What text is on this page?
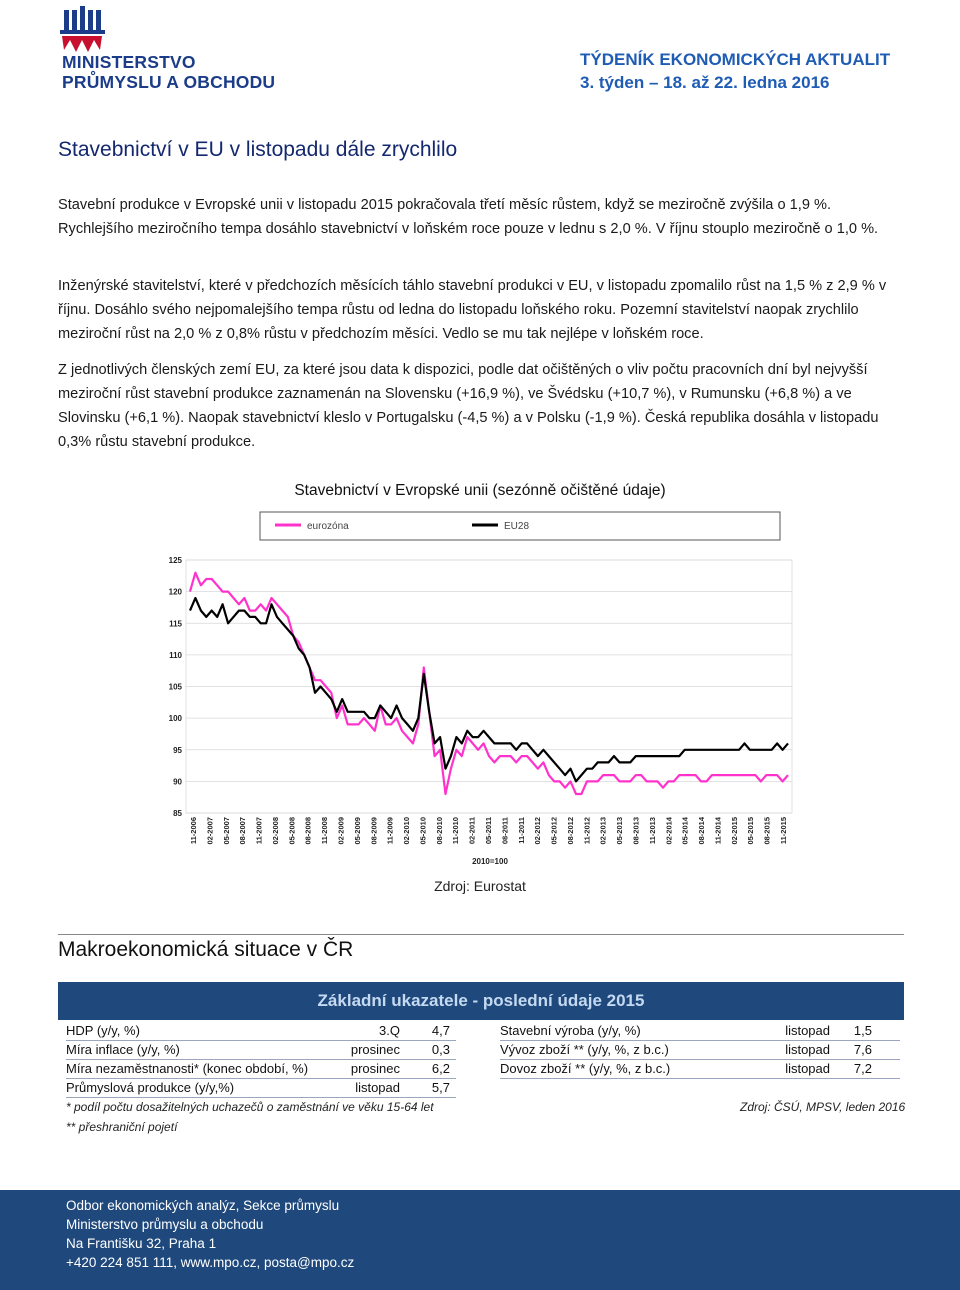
MINISTERSTVO
PRŮMYSLU A OBCHODU
TÝDENÍK EKONOMICKÝCH AKTUALIT
3. týden – 18. až 22. ledna 2016
Stavebnictví v EU v listopadu dále zrychlilo

Stavební produkce v Evropské unii v listopadu 2015 pokračovala třetí měsíc růstem, když se meziročně zvýšila o 1,9 %. Rychlejšího meziročního tempa dosáhlo stavebnictví v loňském roce pouze v lednu s 2,0 %. V říjnu stouplo meziročně o 1,0 %.

Inženýrské stavitelství, které v předchozích měsících táhlo stavební produkci v EU, v listopadu zpomalilo růst na 1,5 % z 2,9 % v říjnu. Dosáhlo svého nejpomalejšího tempa růstu od ledna do listopadu loňského roku. Pozemní stavitelství naopak zrychlilo meziroční růst na 2,0 % z 0,8% růstu v předchozím měsíci. Vedlo se mu tak nejlépe v loňském roce.

Z jednotlivých členských zemí EU, za které jsou data k dispozici, podle dat očištěných o vliv počtu pracovních dní byl nejvyšší meziroční růst stavební produkce zaznamenán na Slovensku (+16,9 %), ve Švédsku (+10,7 %), v Rumunsku (+6,8 %) a ve Slovinsku (+6,1 %). Naopak stavebnictví kleslo v Portugalsku (-4,5 %) a v Polsku (-1,9 %). Česká republika dosáhla v listopadu 0,3% růstu stavební produkce.

Stavebnictví v Evropské unii (sezónně očištěné údaje)
eurozóna	EU28
85
90
95
100
105
110
115
120
125
11-2006 02-2007 05-2007 08-2007 11-2007 02-2008 05-2008 08-2008 11-2008 02-2009 05-2009 08-2009 11-2009 02-2010 05-2010 08-2010 11-2010 02-2011 05-2011 08-2011 11-2011 02-2012 05-2012 08-2012 11-2012 02-2013 05-2013 08-2013 11-2013 02-2014 05-2014 08-2014 11-2014 02-2015 05-2015 08-2015 11-2015
2010=100
Zdroj: Eurostat
Makroekonomická situace v ČR
Základní ukazatele - poslední údaje 2015
HDP (y/y, %)	3.Q 4,7
Míra inflace (y/y, %)	prosinec 0,3
Míra nezaměstnanosti* (konec období, %)	prosinec 6,2
Průmyslová produkce (y/y,%)	listopad 5,7
Stavební výroba (y/y, %)	listopad 1,5
Vývoz zboží ** (y/y, %, z b.c.)	listopad 7,6
Dovoz zboží ** (y/y, %, z b.c.)	listopad 7,2
* podíl počtu dosažitelných uchazečů o zaměstnání ve věku 15-64 let
** přeshraniční pojetí
Zdroj: ČSÚ, MPSV, leden 2016
Odbor ekonomických analýz, Sekce průmyslu
Ministerstvo průmyslu a obchodu
Na Františku 32, Praha 1
+420 224 851 111, www.mpo.cz, posta@mpo.cz
